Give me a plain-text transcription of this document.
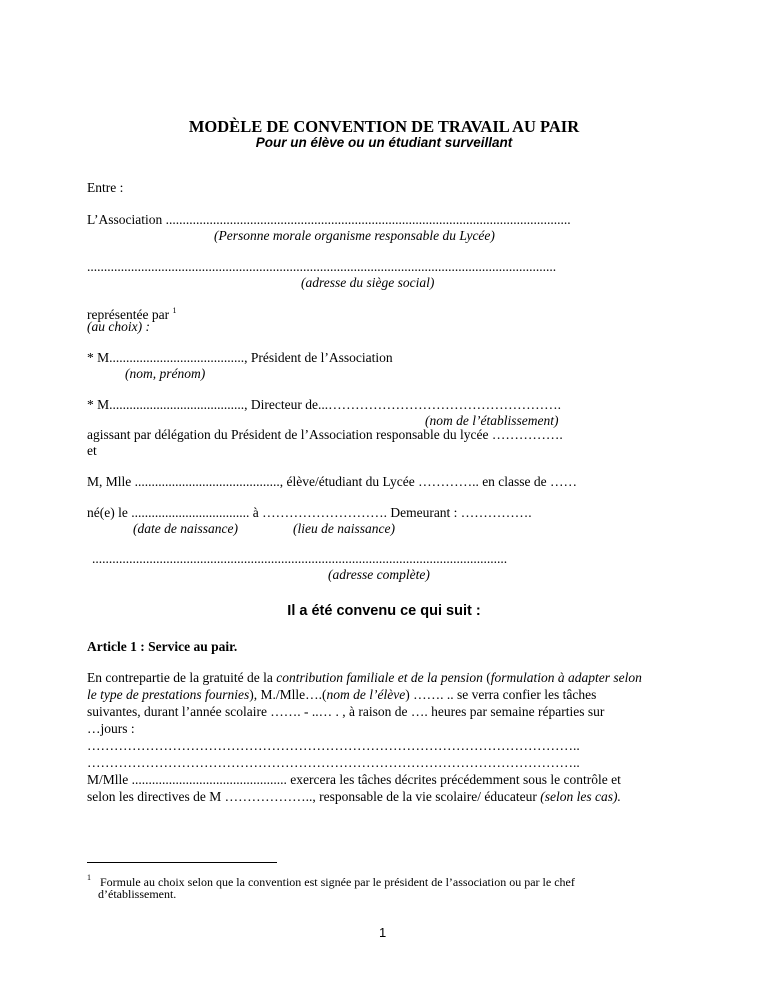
MODÈLE DE CONVENTION DE TRAVAIL AU PAIR
Pour un élève ou un étudiant surveillant
Entre :
L’Association ........................................................................................................................
(Personne morale organisme responsable du Lycée)
...........................................................................................................................................
(adresse du siège social)
représentée par $^1$
(au choix) :
* M........................................, Président de l’Association
(nom, prénom)
* M........................................, Directeur de...…………………………………………….
(nom de l’établissement)
agissant par délégation du Président de l’Association responsable du lycée …………….
et
M, Mlle ..........................................., élève/étudiant du Lycée ………….. en classe de ……
né(e) le ................................... à ………………………. Demeurant : …………….
(date de naissance)	(lieu de naissance)
...........................................................................................................................
(adresse complète)
Il a été convenu ce qui suit :
Article 1 : Service au pair.
En contrepartie de la gratuité de la contribution familiale et de la pension (formulation à adapter selon
le type de prestations fournies), M./Mlle….(nom de l’élève) ……. .. se verra confier les tâches
suivantes, durant l’année scolaire ……. - ..… . , à raison de …. heures par semaine réparties sur
…jours :
………………………………………………………………………………………………..
………………………………………………………………………………………………..
M/Mlle .............................................. exercera les tâches décrites précédemment sous le contrôle et
selon les directives de M ……………….., responsable de la vie scolaire/ éducateur (selon les cas).
$^1$ Formule au choix selon que la convention est signée par le président de l’association ou par le chef
d’établissement.
1
